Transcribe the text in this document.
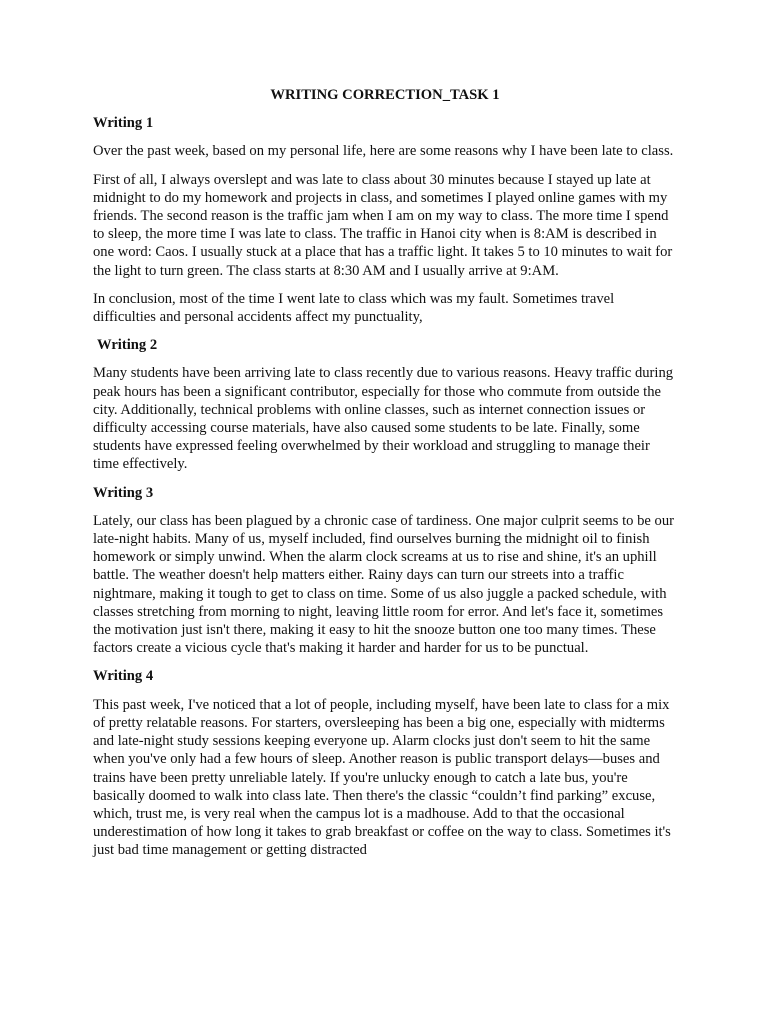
WRITING CORRECTION_TASK 1

Writing 1

Over the past week, based on my personal life, here are some reasons why I have been late to class.

First of all, I always overslept and was late to class about 30 minutes because I stayed up late at midnight to do my homework and projects in class, and sometimes I played online games with my friends. The second reason is the traffic jam when I am on my way to class. The more time I spend to sleep, the more time I was late to class. The traffic in Hanoi city when is 8:AM is described in one word: Caos. I usually stuck at a place that has a traffic light. It takes 5 to 10 minutes to wait for the light to turn green. The class starts at 8:30 AM and I usually arrive at 9:AM.

In conclusion, most of the time I went late to class which was my fault. Sometimes travel difficulties and personal accidents affect my punctuality,

Writing 2

Many students have been arriving late to class recently due to various reasons. Heavy traffic during peak hours has been a significant contributor, especially for those who commute from outside the city. Additionally, technical problems with online classes, such as internet connection issues or difficulty accessing course materials, have also caused some students to be late. Finally, some students have expressed feeling overwhelmed by their workload and struggling to manage their time effectively.

Writing 3

Lately, our class has been plagued by a chronic case of tardiness. One major culprit seems to be our late-night habits. Many of us, myself included, find ourselves burning the midnight oil to finish homework or simply unwind. When the alarm clock screams at us to rise and shine, it's an uphill battle. The weather doesn't help matters either. Rainy days can turn our streets into a traffic nightmare, making it tough to get to class on time. Some of us also juggle a packed schedule, with classes stretching from morning to night, leaving little room for error. And let's face it, sometimes the motivation just isn't there, making it easy to hit the snooze button one too many times. These factors create a vicious cycle that's making it harder and harder for us to be punctual.

Writing 4

This past week, I've noticed that a lot of people, including myself, have been late to class for a mix of pretty relatable reasons. For starters, oversleeping has been a big one, especially with midterms and late-night study sessions keeping everyone up. Alarm clocks just don't seem to hit the same when you've only had a few hours of sleep. Another reason is public transport delays—buses and trains have been pretty unreliable lately. If you're unlucky enough to catch a late bus, you're basically doomed to walk into class late. Then there's the classic “couldn’t find parking” excuse, which, trust me, is very real when the campus lot is a madhouse. Add to that the occasional underestimation of how long it takes to grab breakfast or coffee on the way to class. Sometimes it's just bad time management or getting distracted
